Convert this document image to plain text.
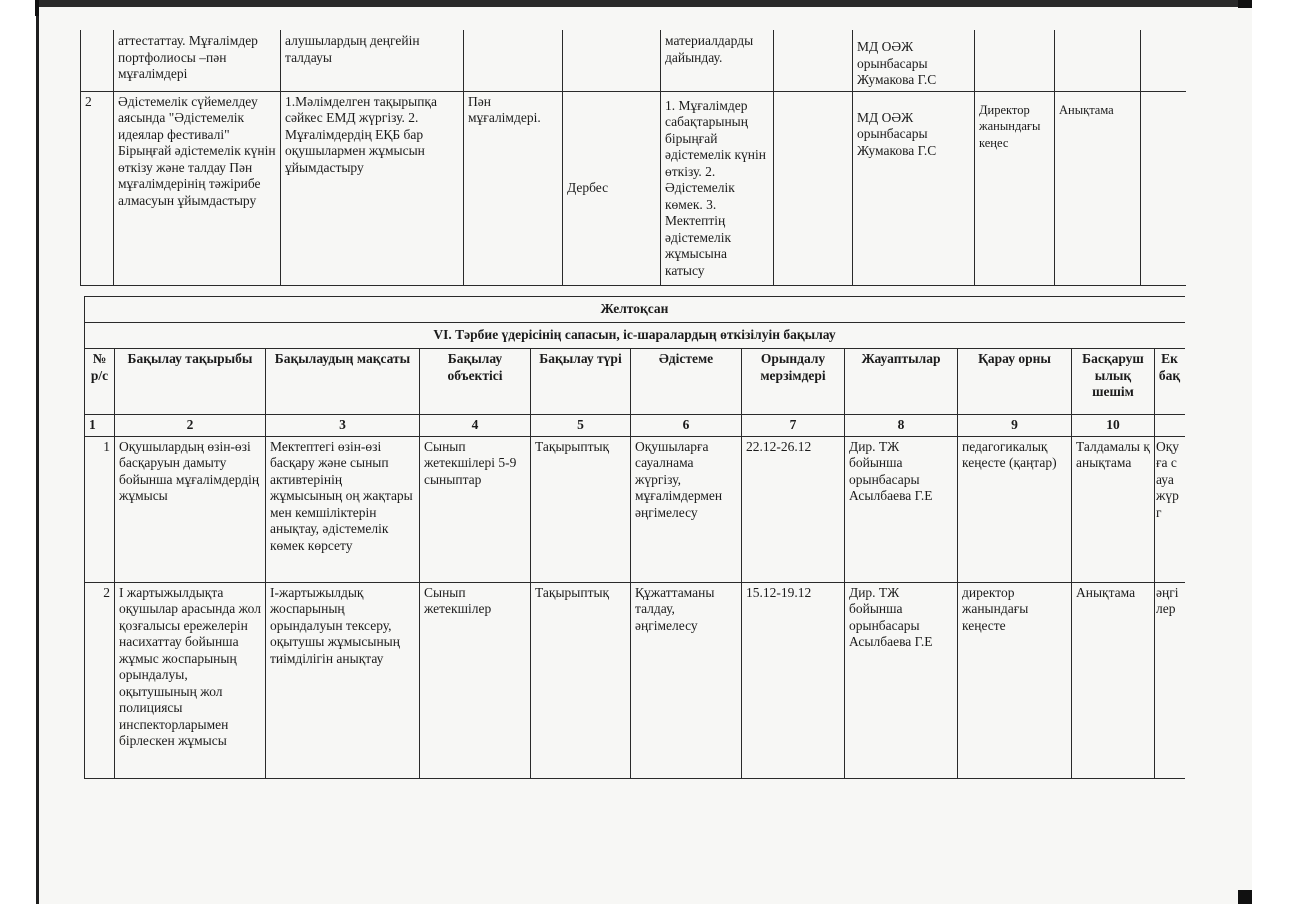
	аттестаттау. Мұғалімдер портфолиосы –пән мұғалімдері	алушылардың деңгейін талдауы			материалдарды дайындау.		МД ОӘЖ орынбасары Жумакова Г.С			
2	Әдістемелік сүйемелдеу аясында "Әдістемелік идеялар фестивалі" Бірыңғай әдістемелік күнін өткізу және талдау Пән мұғалімдерінің тәжірибе алмасуын ұйымдастыру	1.Мәлімделген тақырыпқа сәйкес ЕМД жүргізу. 2. Мұғалімдердің ЕҚБ бар оқушылармен жұмысын ұйымдастыру	Пән мұғалімдері.	Дербес	1. Мұғалімдер сабақтарының бірыңғай әдістемелік күнін өткізу. 2. Әдістемелік көмек. 3. Мектептің әдістемелік жұмысына катысу		МД ОӘЖ орынбасары Жумакова Г.С	Директор жанындағы кеңес	Анықтама	
Желтоқсан										
VI. Тәрбие үдерісінің сапасын, іс-шаралардың өткізілуін бақылау										
№ р/с	Бақылау тақырыбы	Бақылаудың мақсаты	Бақылау объектісі	Бақылау түрі	Әдістеме	Орындалу мерзімдері	Жауаптылар	Қарау орны	Басқаруш ылық шешім	Ек бақ
1	2	3	4	5	6	7	8	9	10	
1	Оқушылардың өзін-өзі басқаруын дамыту бойынша мұғалімдердің жұмысы	Мектептегі өзін-өзі басқару және сынып активтерінің жұмысының оң жақтары мен кемшіліктерін анықтау, әдістемелік көмек көрсету	Сынып жетекшілері 5-9 сыныптар	Тақырыптық	Оқушыларға сауалнама жүргізу, мұғалімдермен әңгімелесу	22.12-26.12	Дир. ТЖ бойынша орынбасары Асылбаева Г.Е	педагогикалық кеңесте (қаңтар)	Талдамалы қ анықтама	Оқу ға сауа жүрг
2	І жартыжылдықта оқушылар арасында жол қозғалысы ережелерін насихаттау бойынша жұмыс жоспарының орындалуы, оқытушының жол полициясы инспекторларымен бірлескен жұмысы	І-жартыжылдық жоспарының орындалуын тексеру, оқытушы жұмысының тиімділігін анықтау	Сынып жетекшілер	Тақырыптық	Құжаттаманы талдау, әңгімелесу	15.12-19.12	Дир. ТЖ бойынша орынбасары Асылбаева Г.Е	директор жанындағы кеңесте	Анықтама	әңгі лер
